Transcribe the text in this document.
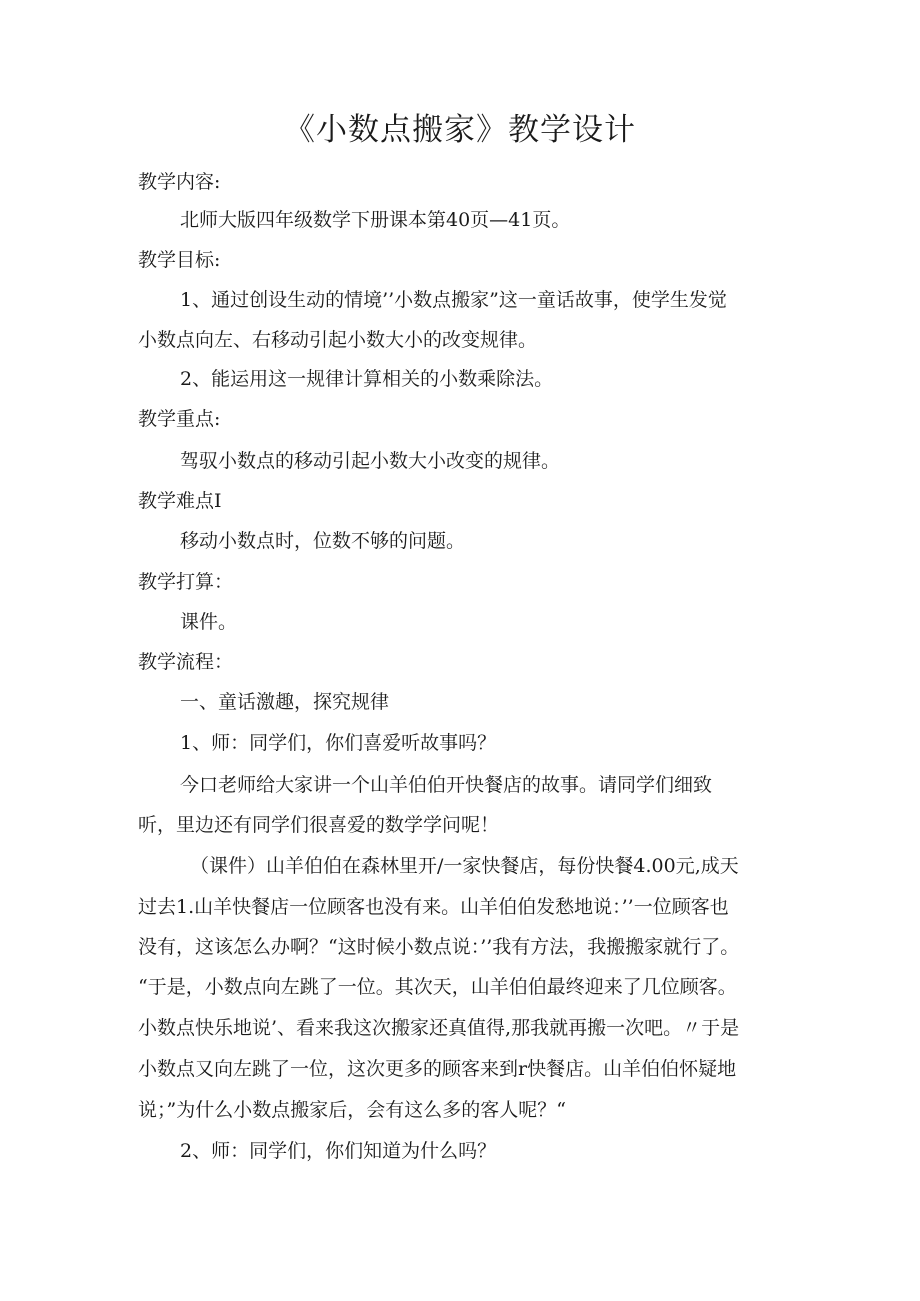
《小数点搬家》教学设计
教学内容:
北师大版四年级数学下册课本第40页—41页。
教学目标:
1、通过创设生动的情境’’小数点搬家”这一童话故事，使学生发觉
小数点向左、右移动引起小数大小的改变规律。
2、能运用这一规律计算相关的小数乘除法。
教学重点:
驾驭小数点的移动引起小数大小改变的规律。
教学难点I
移动小数点时，位数不够的问题。
教学打算：
课件。
教学流程：
一、童话激趣，探究规律
1、师：同学们，你们喜爱听故事吗？
今口老师给大家讲一个山羊伯伯开快餐店的故事。请同学们细致
听，里边还有同学们很喜爱的数学学问呢！
（课件）山羊伯伯在森林里开/一家快餐店，每份快餐4.00元,成天
过去1.山羊快餐店一位顾客也没有来。山羊伯伯发愁地说：’’一位顾客也
没有，这该怎么办啊？“这时候小数点说：’’我有方法，我搬搬家就行了。
“于是，小数点向左跳了一位。其次天，山羊伯伯最终迎来了几位顾客。
小数点快乐地说’、看来我这次搬家还真值得,那我就再搬一次吧。〃于是
小数点又向左跳了一位，这次更多的顾客来到r快餐店。山羊伯伯怀疑地
说；”为什么小数点搬家后，会有这么多的客人呢？“
2、师：同学们，你们知道为什么吗？
